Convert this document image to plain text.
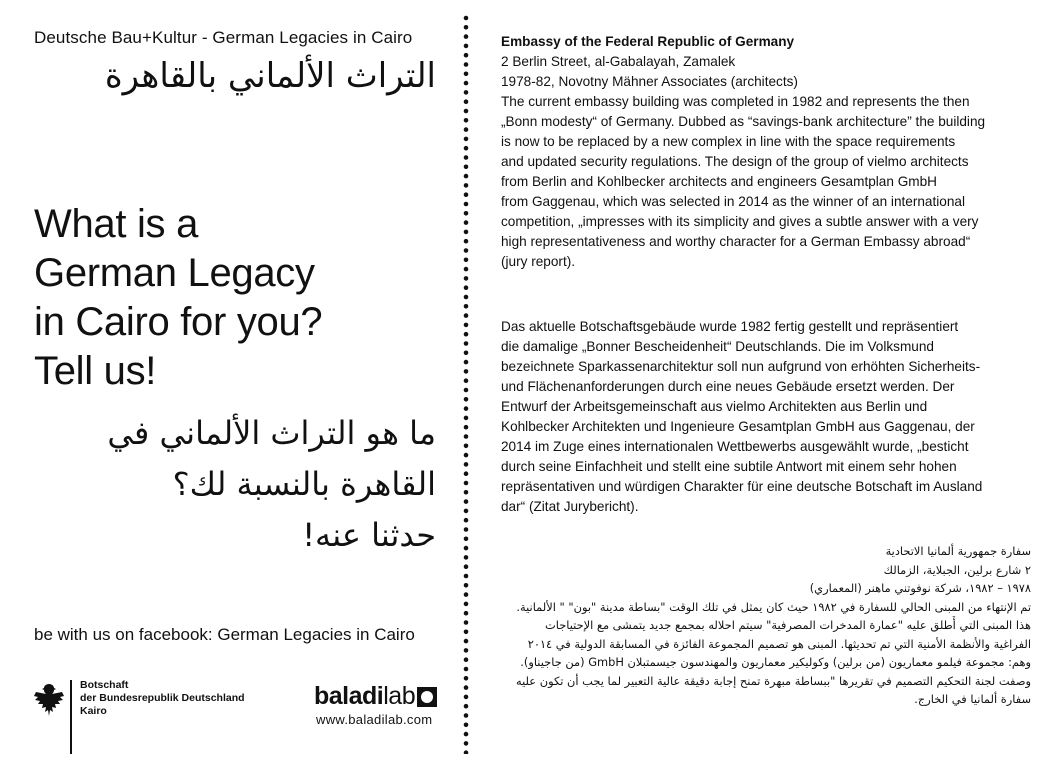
Deutsche Bau+Kultur - German Legacies in Cairo
التراث الألماني بالقاهرة
What is a
German Legacy
in Cairo for you?
Tell us!
ما هو التراث الألماني في
القاهرة بالنسبة لك؟
حدثنا عنه!
be with us on facebook: German Legacies in Cairo
Botschaft
der Bundesrepublik Deutschland
Kairo
baladi lab
www.baladilab.com
Embassy of the Federal Republic of Germany
2 Berlin Street, al-Gabalayah, Zamalek
1978-82, Novotny Mähner Associates (architects)
The current embassy building was completed in 1982 and represents the then
„Bonn modesty“ of Germany. Dubbed as “savings-bank architecture” the building
is now to be replaced by a new complex in line with the space requirements
and updated security regulations. The design of the group of vielmo architects
from Berlin and Kohlbecker architects and engineers Gesamtplan GmbH
from Gaggenau, which was selected in 2014 as the winner of an international
competition, „impresses with its simplicity and gives a subtle answer with a very
high representativeness and worthy character for a German Embassy abroad“
(jury report).
Das aktuelle Botschaftsgebäude wurde 1982 fertig gestellt und repräsentiert
die damalige „Bonner Bescheidenheit“ Deutschlands. Die im Volksmund
bezeichnete Sparkassenarchitektur soll nun aufgrund von erhöhten Sicherheits-
und Flächenanforderungen durch eine neues Gebäude ersetzt werden. Der
Entwurf der Arbeitsgemeinschaft aus vielmo Architekten aus Berlin und
Kohlbecker Architekten und Ingenieure Gesamtplan GmbH aus Gaggenau, der
2014 im Zuge eines internationalen Wettbewerbs ausgewählt wurde, „besticht
durch seine Einfachheit und stellt eine subtile Antwort mit einem sehr hohen
repräsentativen und würdigen Charakter für eine deutsche Botschaft im Ausland
dar“ (Zitat Jurybericht).
سفارة جمهورية ألمانيا الاتحادية
٢ شارع برلين، الجبلاية، الزمالك
١٩٧٨ – ١٩٨٢، شركة نوفوتني ماهنر (المعماري)
تم الإنتهاء من المبنى الحالي للسفارة في ١٩٨٢ حيث كان يمثل في تلك الوقت "بساطة مدينة "بون" " الألمانية.
هذا المبنى التي أُطلق عليه "عمارة المدخرات المصرفية" سيتم احلاله بمجمع جديد يتمشى مع الإحتياجات
الفراغية والأنظمة الأمنية التي تم تحديثها. المبنى هو تصميم المجموعة الفائزة في المسابقة الدولية في ٢٠١٤
وهم: مجموعة فيلمو معماريون (من برلين) وكوليكير معماريون والمهندسون جيسمتبلان GmbH (من جاجيناو).
وصفت لجنة التحكيم التصميم في تقريرها "ببساطة مبهرة تمنح إجابة دقيقة عالية التعبير لما يجب أن تكون عليه
سفارة ألمانيا في الخارج.
